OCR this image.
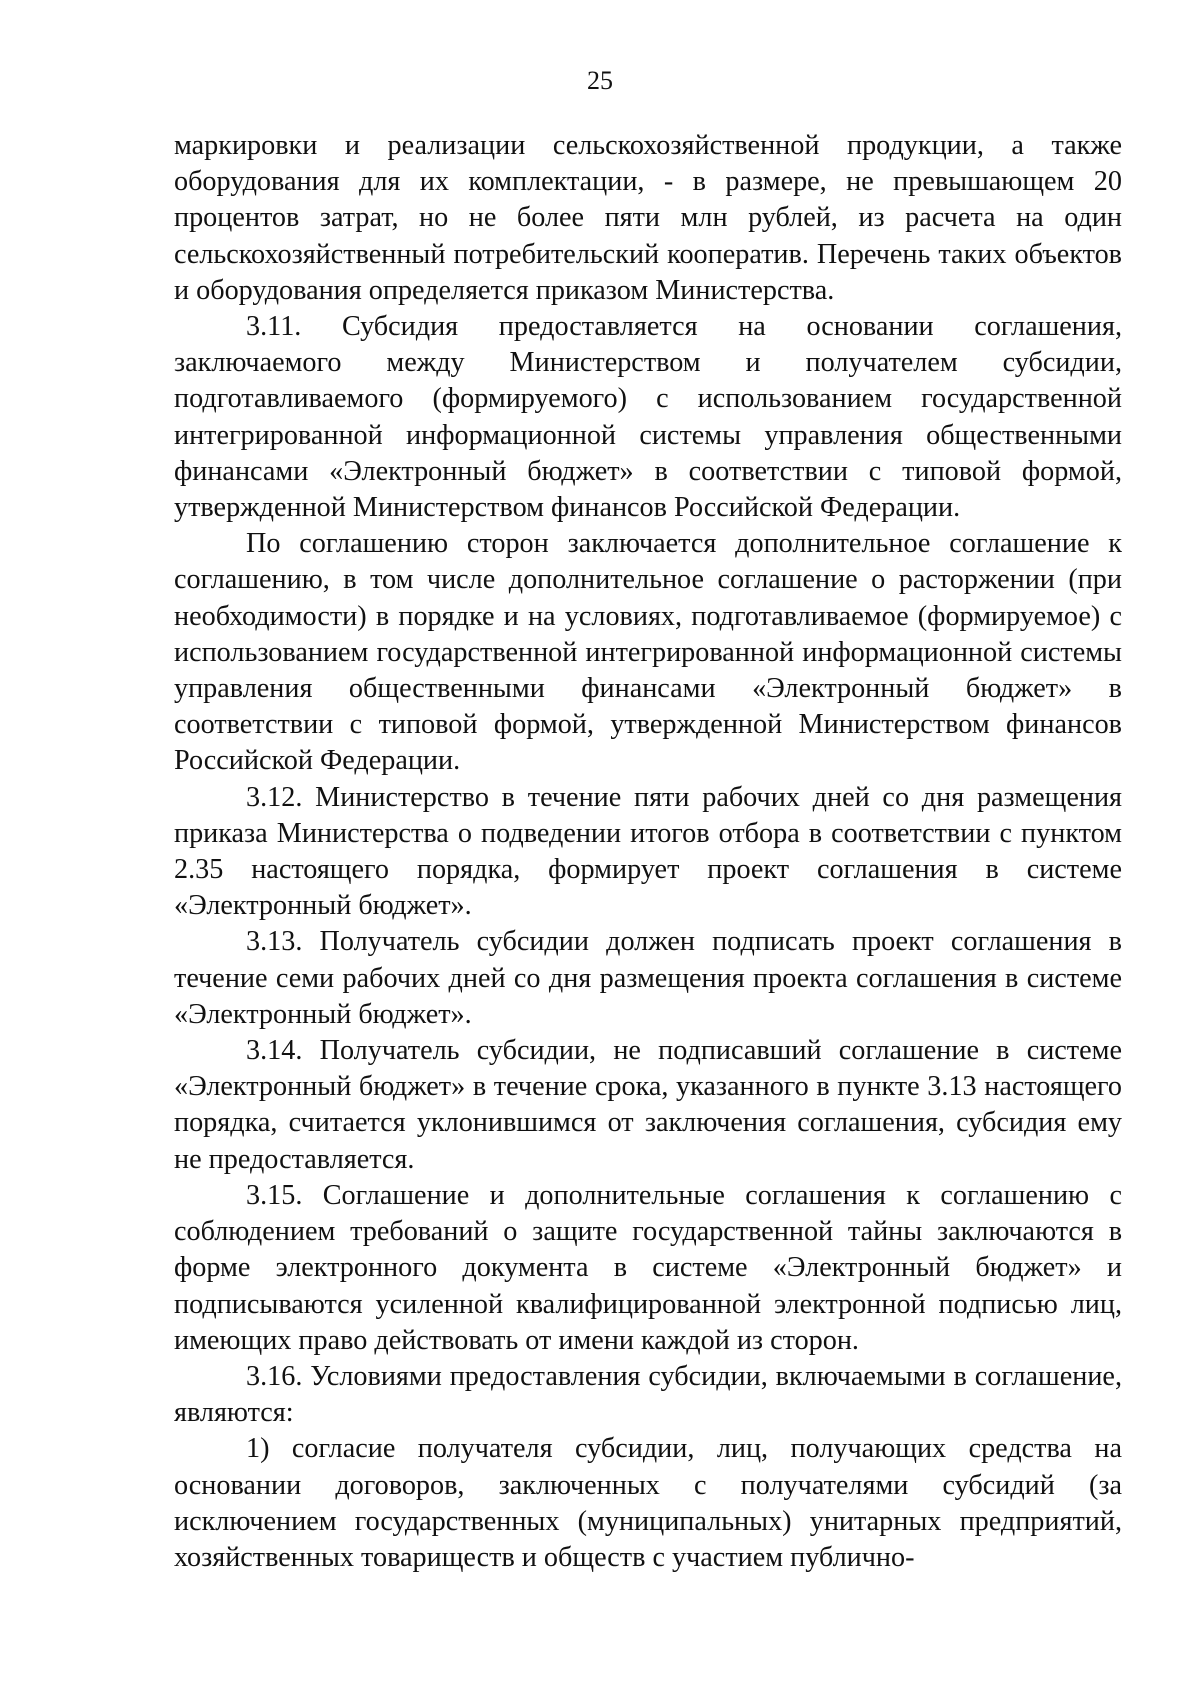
25

маркировки и реализации сельскохозяйственной продукции, а также оборудования для их комплектации, - в размере, не превышающем 20 процентов затрат, но не более пяти млн рублей, из расчета на один сельскохозяйственный потребительский кооператив. Перечень таких объектов и оборудования определяется приказом Министерства.

3.11. Субсидия предоставляется на основании соглашения, заключаемого между Министерством и получателем субсидии, подготавливаемого (формируемого) с использованием государственной интегрированной информационной системы управления общественными финансами «Электронный бюджет» в соответствии с типовой формой, утвержденной Министерством финансов Российской Федерации.

По соглашению сторон заключается дополнительное соглашение к соглашению, в том числе дополнительное соглашение о расторжении (при необходимости) в порядке и на условиях, подготавливаемое (формируемое) с использованием государственной интегрированной информационной системы управления общественными финансами «Электронный бюджет» в соответствии с типовой формой, утвержденной Министерством финансов Российской Федерации.

3.12. Министерство в течение пяти рабочих дней со дня размещения приказа Министерства о подведении итогов отбора в соответствии с пунктом 2.35 настоящего порядка, формирует проект соглашения в системе «Электронный бюджет».

3.13. Получатель субсидии должен подписать проект соглашения в течение семи рабочих дней со дня размещения проекта соглашения в системе «Электронный бюджет».

3.14. Получатель субсидии, не подписавший соглашение в системе «Электронный бюджет» в течение срока, указанного в пункте 3.13 настоящего порядка, считается уклонившимся от заключения соглашения, субсидия ему не предоставляется.

3.15. Соглашение и дополнительные соглашения к соглашению с соблюдением требований о защите государственной тайны заключаются в форме электронного документа в системе «Электронный бюджет» и подписываются усиленной квалифицированной электронной подписью лиц, имеющих право действовать от имени каждой из сторон.

3.16. Условиями предоставления субсидии, включаемыми в соглашение, являются:

1) согласие получателя субсидии, лиц, получающих средства на основании договоров, заключенных с получателями субсидий (за исключением государственных (муниципальных) унитарных предприятий, хозяйственных товариществ и обществ с участием публично-
